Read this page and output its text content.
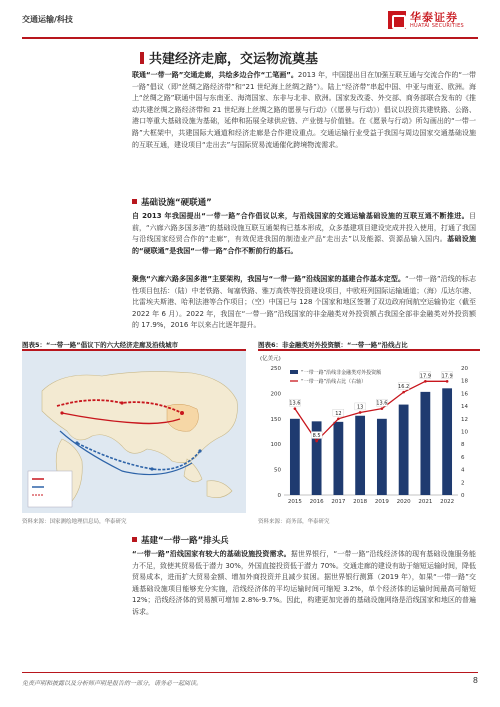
交通运输/科技	华泰证券
HUATAI SECURITIES
共建经济走廊，交运物流奠基
联通“一带一路”交通走廊，共绘多边合作“工笔画”。2013 年，中国提出目在加强互联互通与交流合作的“一带一路”倡议（即“丝绸之路经济带”和“21 世纪海上丝绸之路”）。陆上“经济带”串起中国、中亚与南亚、欧洲。海上“丝绸之路”联通中国与东南亚、海湾国家、东非与北非、欧洲。国家发改委、外交部、商务部联合发布的《推动共建丝绸之路经济带和 21 世纪海上丝绸之路的愿景与行动》（《愿景与行动》）倡议以投资共建铁路、公路、港口等重大基础设施为基础，延伸和拓展全球供应链、产业链与价值链。在《愿景与行动》所勾画出的“一带一路”大框架中，共建国际大通道和经济走廊是合作建设重点。交通运输行业受益于我国与周边国家交通基础设施的互联互通，建设项目“走出去”与国际贸易流通催化跨境物流需求。
基础设施“硬联通”
自 2013 年我国提出“一带一路”合作倡议以来，与沿线国家的交通运输基础设施的互联互通不断推进。目前，“六廊六路多国多港”的基础设施互联互通架构已基本形成，众多基建项目建设完成并投入使用，打通了我国与沿线国家经贸合作的“走廊”，有效促进我国的制造业产品“走出去”以及能源、资源品输入国内。基础设施的“硬联通”是我国“一带一路”合作不断前行的基石。
聚焦“六廊六路多国多港”主要架构，我国与“一带一路”沿线国家的基建合作基本定型。“一带一路”沿线的标志性项目包括：（陆）中老铁路、匈塞铁路、雅万高铁等投资建设项目，中欧班列国际运输通道；（海）瓜达尔港、比雷埃夫斯港、哈利法港等合作项目；（空）中国已与 128 个国家和地区签署了双边政府间航空运输协定（截至 2022 年 6 月）。2022 年，我国在“一带一路”沿线国家的非金融类对外投资额占我国全部非金融类对外投资额的 17.9%，2016 年以来占比逐年提升。
图表5：“一带一路”倡议下的六大经济走廊及沿线城市
资料来源：国家测绘地理信息局，华泰研究
图表6：非金融类对外投资额：“一带一路”沿线占比
(亿美元)
0
50
100
150
200
250
0
2
4
6
8
10
12
14
16
18
20
2015 2016 2017 2018 2019 2020 2021 2022
13.6
8.5
12
13
13.6
16.2
17.9 17.9
“一带一路”沿线非金融类对外投资额
“一带一路”沿线占比（右轴）
资料来源：商务部，华泰研究
基建“一带一路”排头兵
“一带一路”沿线国家有较大的基础设施投资需求。据世界银行，“一带一路”沿线经济体的现有基础设施服务能力不足，致使其贸易低于潜力 30%，外国直接投资低于潜力 70%。交通走廊的建设有助于缩短运输时间，降低贸易成本，进而扩大贸易金额、增加外商投资并且减少贫困。据世界银行测算（2019 年），如果“一带一路”交通基础设施项目能够充分实施，沿线经济体的平均运输时间可缩短 3.2%，单个经济体的运输时间最高可缩短 12%；沿线经济体的贸易额可增加 2.8%-9.7%。因此，构建更加完善的基础设施网络是沿线国家和地区的普遍诉求。
免责声明和披露以及分析师声明是报告的一部分，请务必一起阅读。	8
